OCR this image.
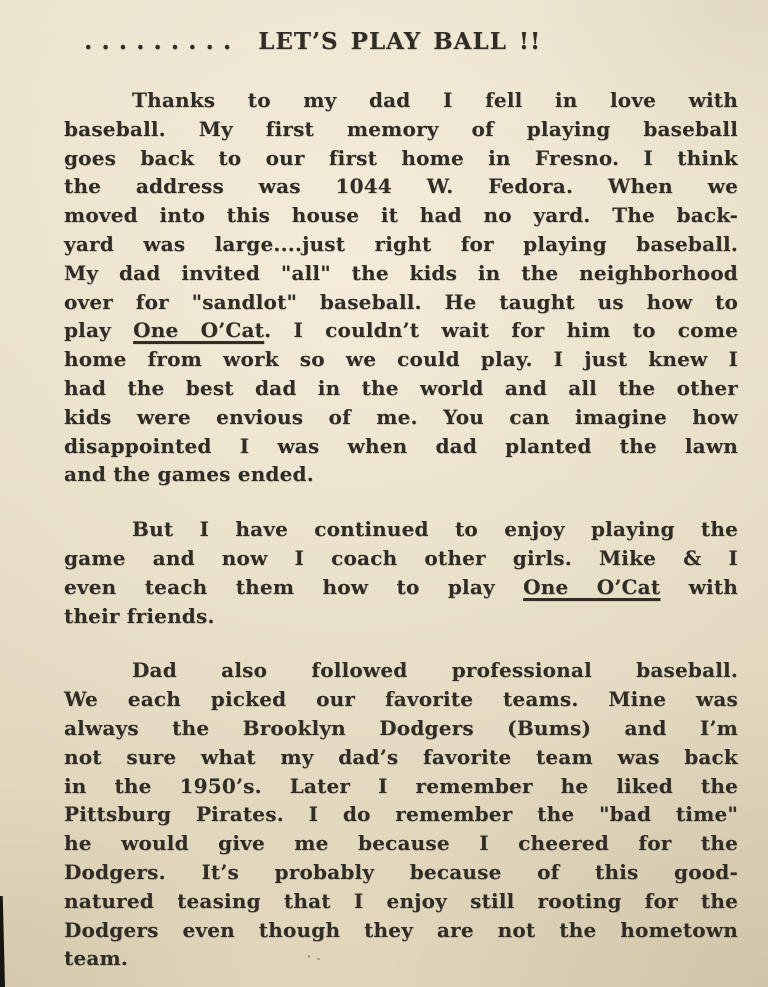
......... LET’S PLAY BALL !!
Thanks to my dad I fell in love with
baseball. My first memory of playing baseball
goes back to our first home in Fresno. I think
the address was 1044 W. Fedora. When we
moved into this house it had no yard. The back-
yard was large....just right for playing baseball.
My dad invited "all" the kids in the neighborhood
over for "sandlot" baseball. He taught us how to
play One O’Cat. I couldn’t wait for him to come
home from work so we could play. I just knew I
had the best dad in the world and all the other
kids were envious of me. You can imagine how
disappointed I was when dad planted the lawn
and the games ended.
But I have continued to enjoy playing the
game and now I coach other girls. Mike & I
even teach them how to play One O’Cat with
their friends.
Dad also followed professional baseball.
We each picked our favorite teams. Mine was
always the Brooklyn Dodgers (Bums) and I’m
not sure what my dad’s favorite team was back
in the 1950’s. Later I remember he liked the
Pittsburg Pirates. I do remember the "bad time"
he would give me because I cheered for the
Dodgers. It’s probably because of this good-
natured teasing that I enjoy still rooting for the
Dodgers even though they are not the hometown
team.
